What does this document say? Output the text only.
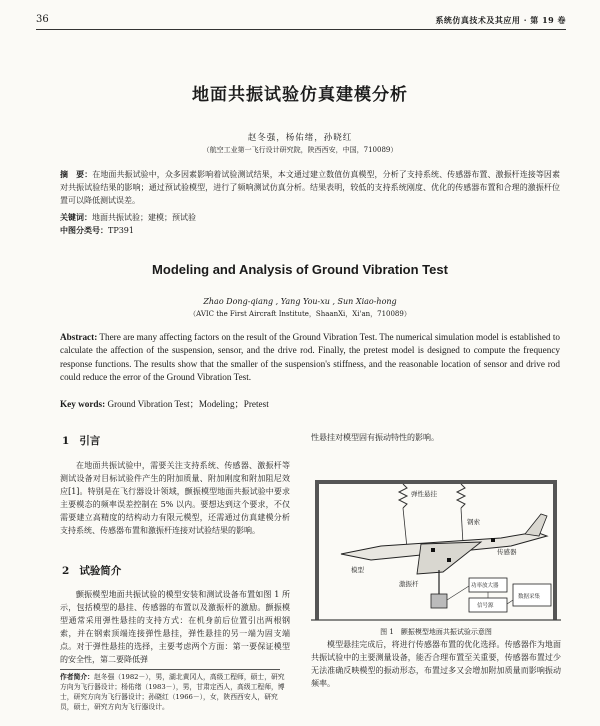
36	系统仿真技术及其应用 · 第 19 卷
地面共振试验仿真建模分析
赵冬强，杨佑绪，孙晓红
（航空工业第一飞行设计研究院，陕西西安，中国，710089）
摘　要：在地面共振试验中，众多因素影响着试验测试结果，本文通过建立数值仿真模型，分析了支持系统、传感器布置、激振杆连接等因素对共振试验结果的影响；通过预试验模型，进行了频响测试仿真分析。结果表明，较低的支持系统刚度、优化的传感器布置和合理的激振杆位置可以降低测试误差。
关键词：地面共振试验；建模；预试验
中图分类号：TP391
Modeling and Analysis of Ground Vibration Test
Zhao Dong-qiang , Yang You-xu , Sun Xiao-hong
（AVIC the First Aircraft Institute，ShaanXi，Xi'an，710089）
Abstract: There are many affecting factors on the result of the Ground Vibration Test. The numerical simulation model is established to calculate the affection of the suspension, sensor, and the drive rod. Finally, the pretest model is designed to compute the frequency response functions. The results show that the smaller of the suspension's stiffness, and the reasonable location of sensor and drive rod could reduce the error of the Ground Vibration Test.
Key words: Ground Vibration Test；Modeling；Pretest
1 引言
在地面共振试验中，需要关注支持系统、传感器、激振杆等测试设备对目标试验件产生的附加质量、附加刚度和附加阻尼效应[1]。特别是在飞行器设计领域，颤振模型地面共振试验中要求主要模态的频率误差控制在 5% 以内。要想达到这个要求，不仅需要建立高精度的结构动力有限元模型，还需通过仿真建模分析支持系统、传感器布置和激振杆连接对试验结果的影响。
2 试验简介
颤振模型地面共振试验的模型安装和测试设备布置如图 1 所示，包括模型的悬挂、传感器的布置以及激振杆的激励。颤振模型通常采用弹性悬挂的支持方式：在机身前后位置引出两根钢索，并在钢索顶端连接弹性悬挂，弹性悬挂的另一端为固支端点。对于弹性悬挂的选择，主要考虑两个方面：第一要保证模型的安全性，第二要降低弹
性悬挂对模型固有振动特性的影响。
弹性悬挂
钢索
传感器
激振杆
模型
功率放大器
信号源
数据采集
图 1　颤振模型地面共振试验示意图
模型悬挂完成后，将进行传感器布置的优化选择。传感器作为地面共振试验中的主要测量设备，能否合理布置至关重要，传感器布置过少无法准确反映模型的振动形态，布置过多又会增加附加质量而影响振动频率。
作者简介：赵冬强（1982－），男，湖北黄冈人，高级工程师，硕士，研究方向为飞行器设计；杨佑绪（1983－），男，甘肃定西人，高级工程师，博士，研究方向为飞行器设计；孙晓红（1966－），女，陕西西安人，研究员，硕士，研究方向为飞行器设计。
